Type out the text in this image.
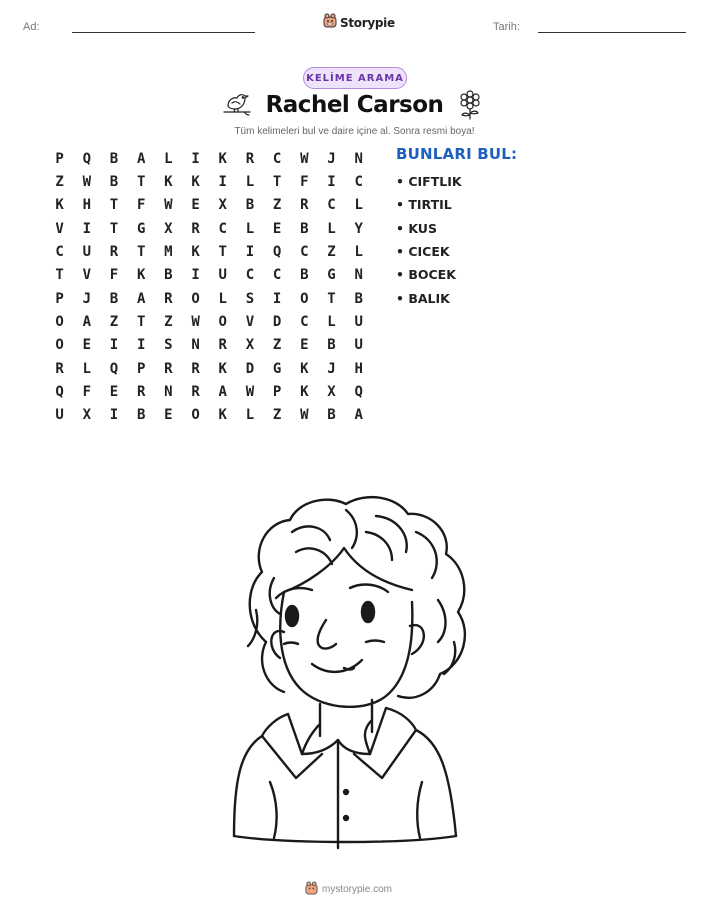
Ad:	Tarih:
Storypie
KELİME ARAMA
Rachel Carson
Tüm kelimeleri bul ve daire içine al. Sonra resmi boya!
P	Q	B	A	L	I	K	R	C	W	J	N
Z	W	B	T	K	K	I	L	T	F	I	C
K	H	T	F	W	E	X	B	Z	R	C	L
V	I	T	G	X	R	C	L	E	B	L	Y
C	U	R	T	M	K	T	I	Q	C	Z	L
T	V	F	K	B	I	U	C	C	B	G	N
P	J	B	A	R	O	L	S	I	O	T	B
O	A	Z	T	Z	W	O	V	D	C	L	U
O	E	I	I	S	N	R	X	Z	E	B	U
R	L	Q	P	R	R	K	D	G	K	J	H
Q	F	E	R	N	R	A	W	P	K	X	Q
U	X	I	B	E	O	K	L	Z	W	B	A
BUNLARI BUL:
• CIFTLIK
• TIRTIL
• KUS
• CICEK
• BOCEK
• BALIK
mystorypie.com
